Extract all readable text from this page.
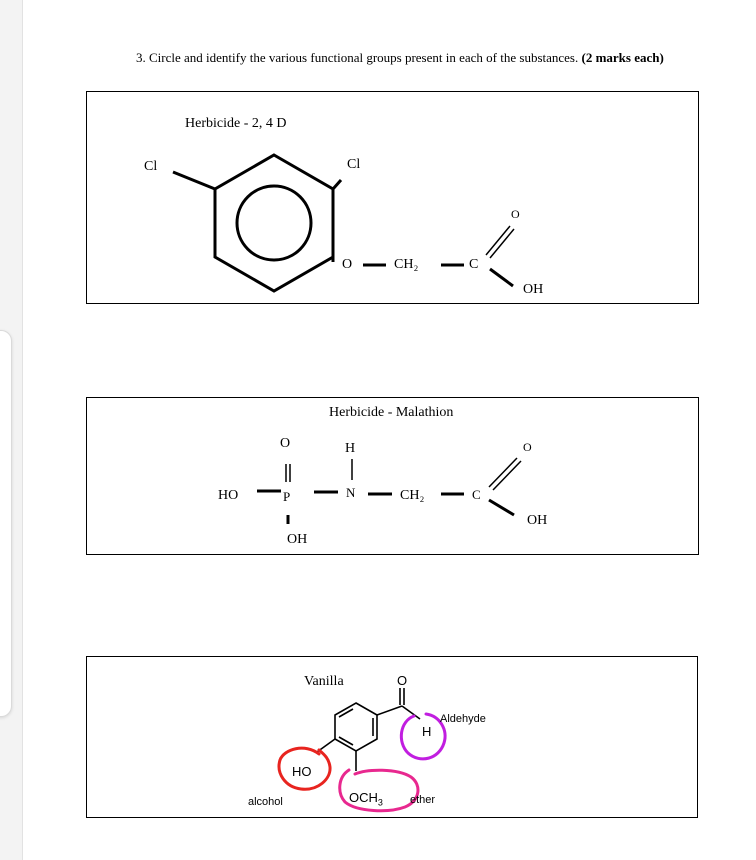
3. Circle and identify the various functional groups present in each of the substances. (2 marks each)
Herbicide - 2, 4 D
Cl	Cl
O	CH₂	C
O
OH
Herbicide - Malathion
O	H
HO	P	N	CH₂	C
O
OH
OH
Vanilla	O
H
HO
$OCH_3$
Aldehyde
alcohol	ether
